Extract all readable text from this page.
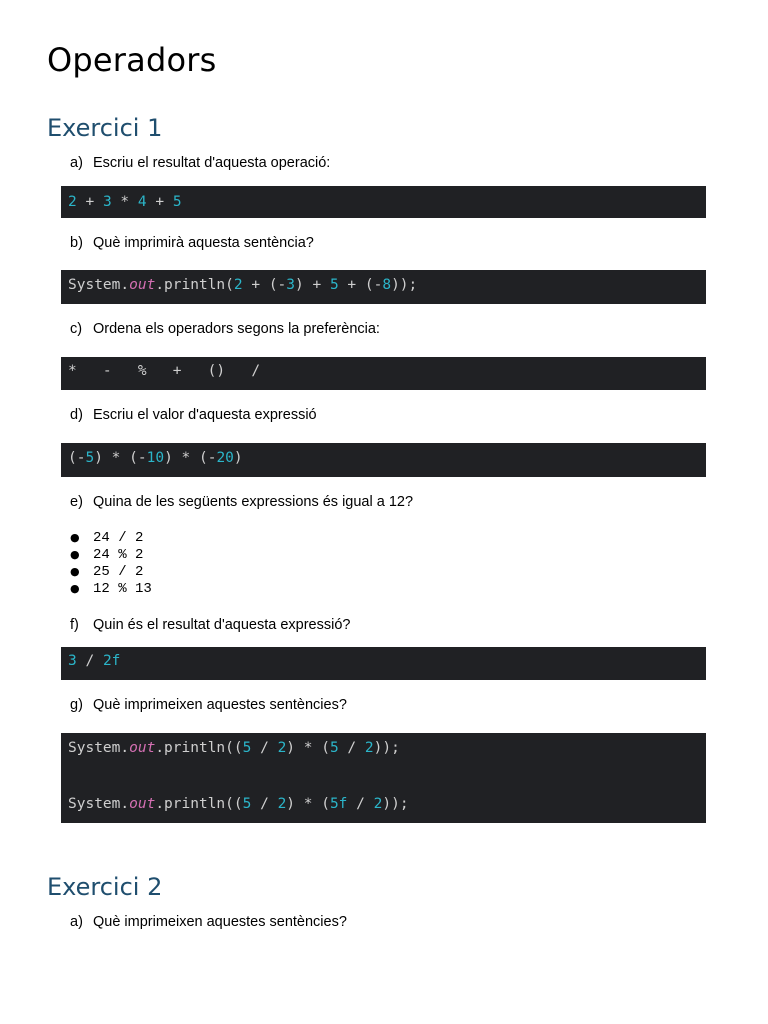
Operadors
Exercici 1
a) Escriu el resultat d'aquesta operació:
2 + 3 * 4 + 5
b) Què imprimirà aquesta sentència?
System.out.println(2 + (-3) + 5 + (-8));
c) Ordena els operadors segons la preferència:
*   -   %   +   ()   /
d) Escriu el valor d'aquesta expressió
(-5) * (-10) * (-20)
e) Quina de les següents expressions és igual a 12?
● 24 / 2
● 24 % 2
● 25 / 2
● 12 % 13
f) Quin és el resultat d'aquesta expressió?
3 / 2f
g) Què imprimeixen aquestes sentències?

System.out.println((5 / 2) * (5 / 2));

System.out.println((5 / 2) * (5f / 2));

Exercici 2
a) Què imprimeixen aquestes sentències?
